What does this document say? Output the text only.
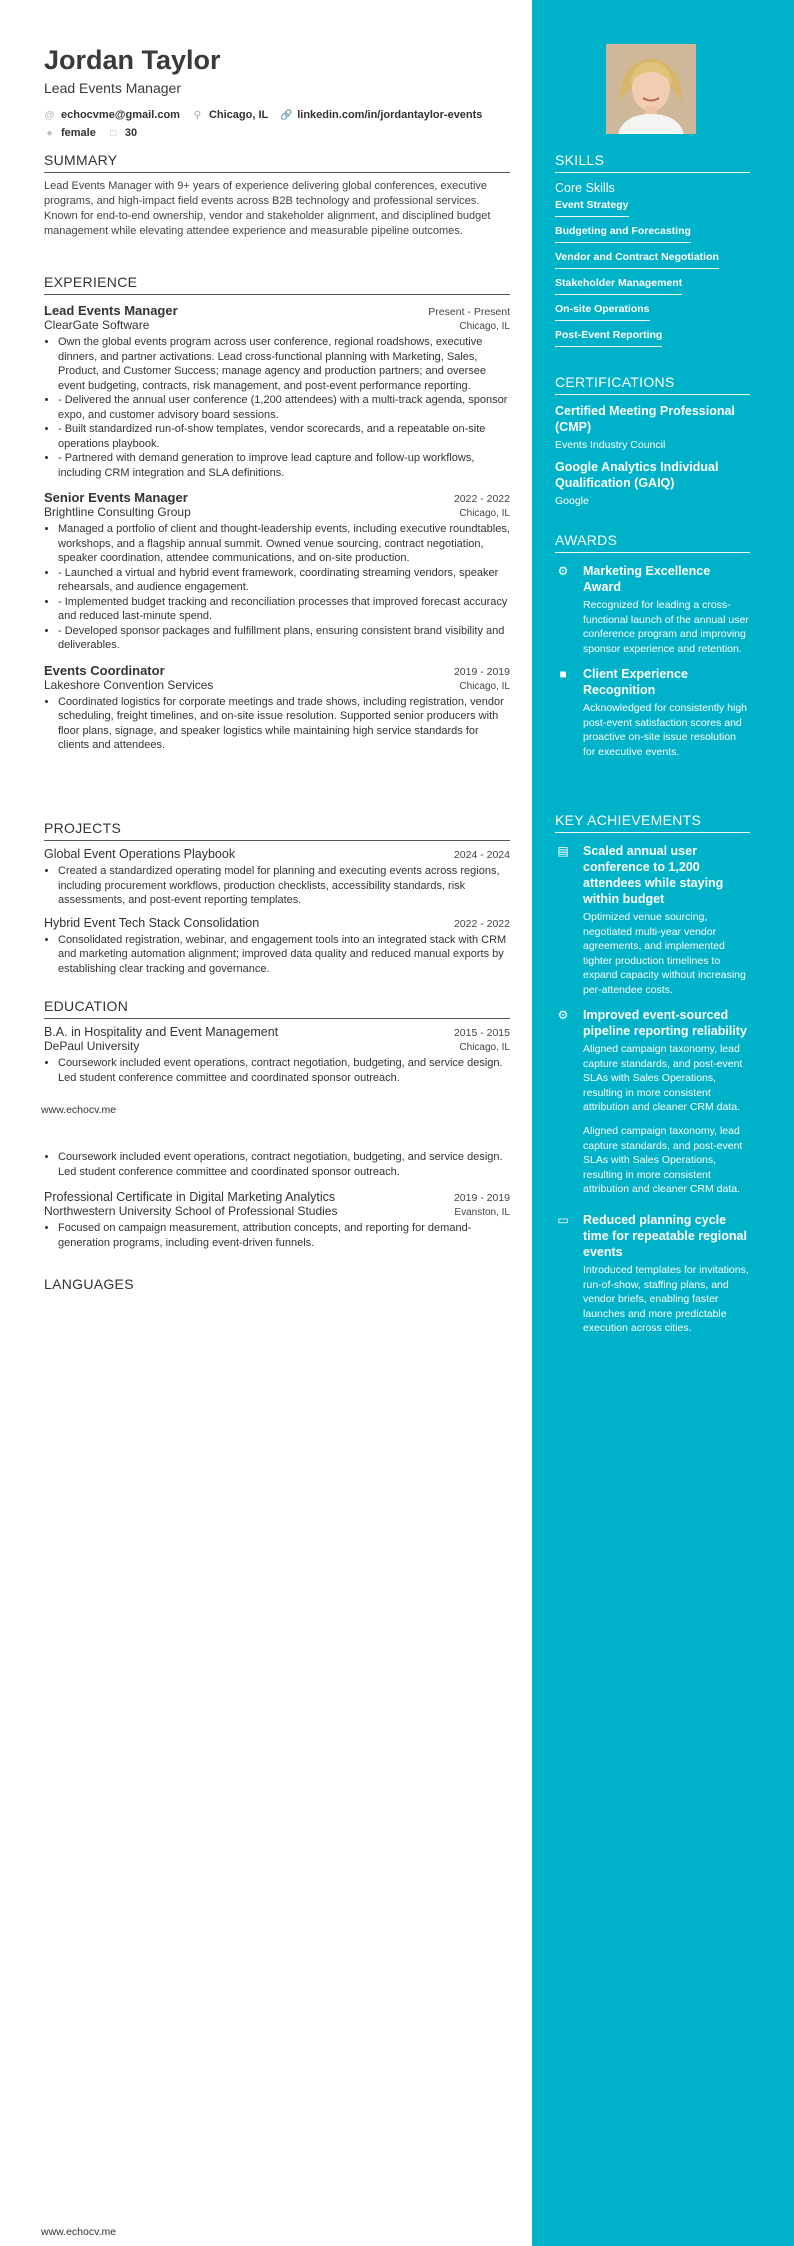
Jordan Taylor
Lead Events Manager
@ echocvme@gmail.com ⚲ Chicago, IL 🔗 linkedin.com/in/jordantaylor-events
● female □ 30
SUMMARY
Lead Events Manager with 9+ years of experience delivering global conferences, executive programs, and high-impact field events across B2B technology and professional services. Known for end-to-end ownership, vendor and stakeholder alignment, and disciplined budget management while elevating attendee experience and measurable pipeline outcomes.
EXPERIENCE
Lead Events Manager	Present - Present
ClearGate Software	Chicago, IL
• Own the global events program across user conference, regional roadshows, executive dinners, and partner activations. Lead cross-functional planning with Marketing, Sales, Product, and Customer Success; manage agency and production partners; and oversee event budgeting, contracts, risk management, and post-event performance reporting.
• - Delivered the annual user conference (1,200 attendees) with a multi-track agenda, sponsor expo, and customer advisory board sessions.
• - Built standardized run-of-show templates, vendor scorecards, and a repeatable on-site operations playbook.
• - Partnered with demand generation to improve lead capture and follow-up workflows, including CRM integration and SLA definitions.
Senior Events Manager	2022 - 2022
Brightline Consulting Group	Chicago, IL
• Managed a portfolio of client and thought-leadership events, including executive roundtables, workshops, and a flagship annual summit. Owned venue sourcing, contract negotiation, speaker coordination, attendee communications, and on-site production.
• - Launched a virtual and hybrid event framework, coordinating streaming vendors, speaker rehearsals, and audience engagement.
• - Implemented budget tracking and reconciliation processes that improved forecast accuracy and reduced last-minute spend.
• - Developed sponsor packages and fulfillment plans, ensuring consistent brand visibility and deliverables.
Events Coordinator	2019 - 2019
Lakeshore Convention Services	Chicago, IL
• Coordinated logistics for corporate meetings and trade shows, including registration, vendor scheduling, freight timelines, and on-site issue resolution. Supported senior producers with floor plans, signage, and speaker logistics while maintaining high service standards for clients and attendees.
PROJECTS
Global Event Operations Playbook	2024 - 2024
• Created a standardized operating model for planning and executing events across regions, including procurement workflows, production checklists, accessibility standards, risk assessments, and post-event reporting templates.
Hybrid Event Tech Stack Consolidation	2022 - 2022
• Consolidated registration, webinar, and engagement tools into an integrated stack with CRM and marketing automation alignment; improved data quality and reduced manual exports by establishing clear tracking and governance.
EDUCATION
B.A. in Hospitality and Event Management	2015 - 2015
DePaul University	Chicago, IL
• Coursework included event operations, contract negotiation, budgeting, and service design. Led student conference committee and coordinated sponsor outreach.
www.echocv.me
• Coursework included event operations, contract negotiation, budgeting, and service design. Led student conference committee and coordinated sponsor outreach.
Professional Certificate in Digital Marketing Analytics	2019 - 2019
Northwestern University School of Professional Studies	Evanston, IL
• Focused on campaign measurement, attribution concepts, and reporting for demand-generation programs, including event-driven funnels.
LANGUAGES
www.echocv.me
SKILLS
Core Skills
Event Strategy
Budgeting and Forecasting
Vendor and Contract Negotiation
Stakeholder Management
On-site Operations
Post-Event Reporting
CERTIFICATIONS
Certified Meeting Professional (CMP)
Events Industry Council
Google Analytics Individual Qualification (GAIQ)
Google
AWARDS
⚙ Marketing Excellence Award
Recognized for leading a cross-functional launch of the annual user conference program and improving sponsor experience and retention.
■	Client Experience Recognition
Acknowledged for consistently high post-event satisfaction scores and proactive on-site issue resolution for executive events.
KEY ACHIEVEMENTS
▤ Scaled annual user conference to 1,200 attendees while staying within budget
Optimized venue sourcing, negotiated multi-year vendor agreements, and implemented tighter production timelines to expand capacity without increasing per-attendee costs.
⚙ Improved event-sourced pipeline reporting reliability
Aligned campaign taxonomy, lead capture standards, and post-event SLAs with Sales Operations, resulting in more consistent attribution and cleaner CRM data.
▭ Reduced planning cycle time for repeatable regional events
Introduced templates for invitations, run-of-show, staffing plans, and vendor briefs, enabling faster launches and more predictable execution across cities.
Aligned campaign taxonomy, lead capture standards, and post-event SLAs with Sales Operations, resulting in more consistent attribution and cleaner CRM data.
